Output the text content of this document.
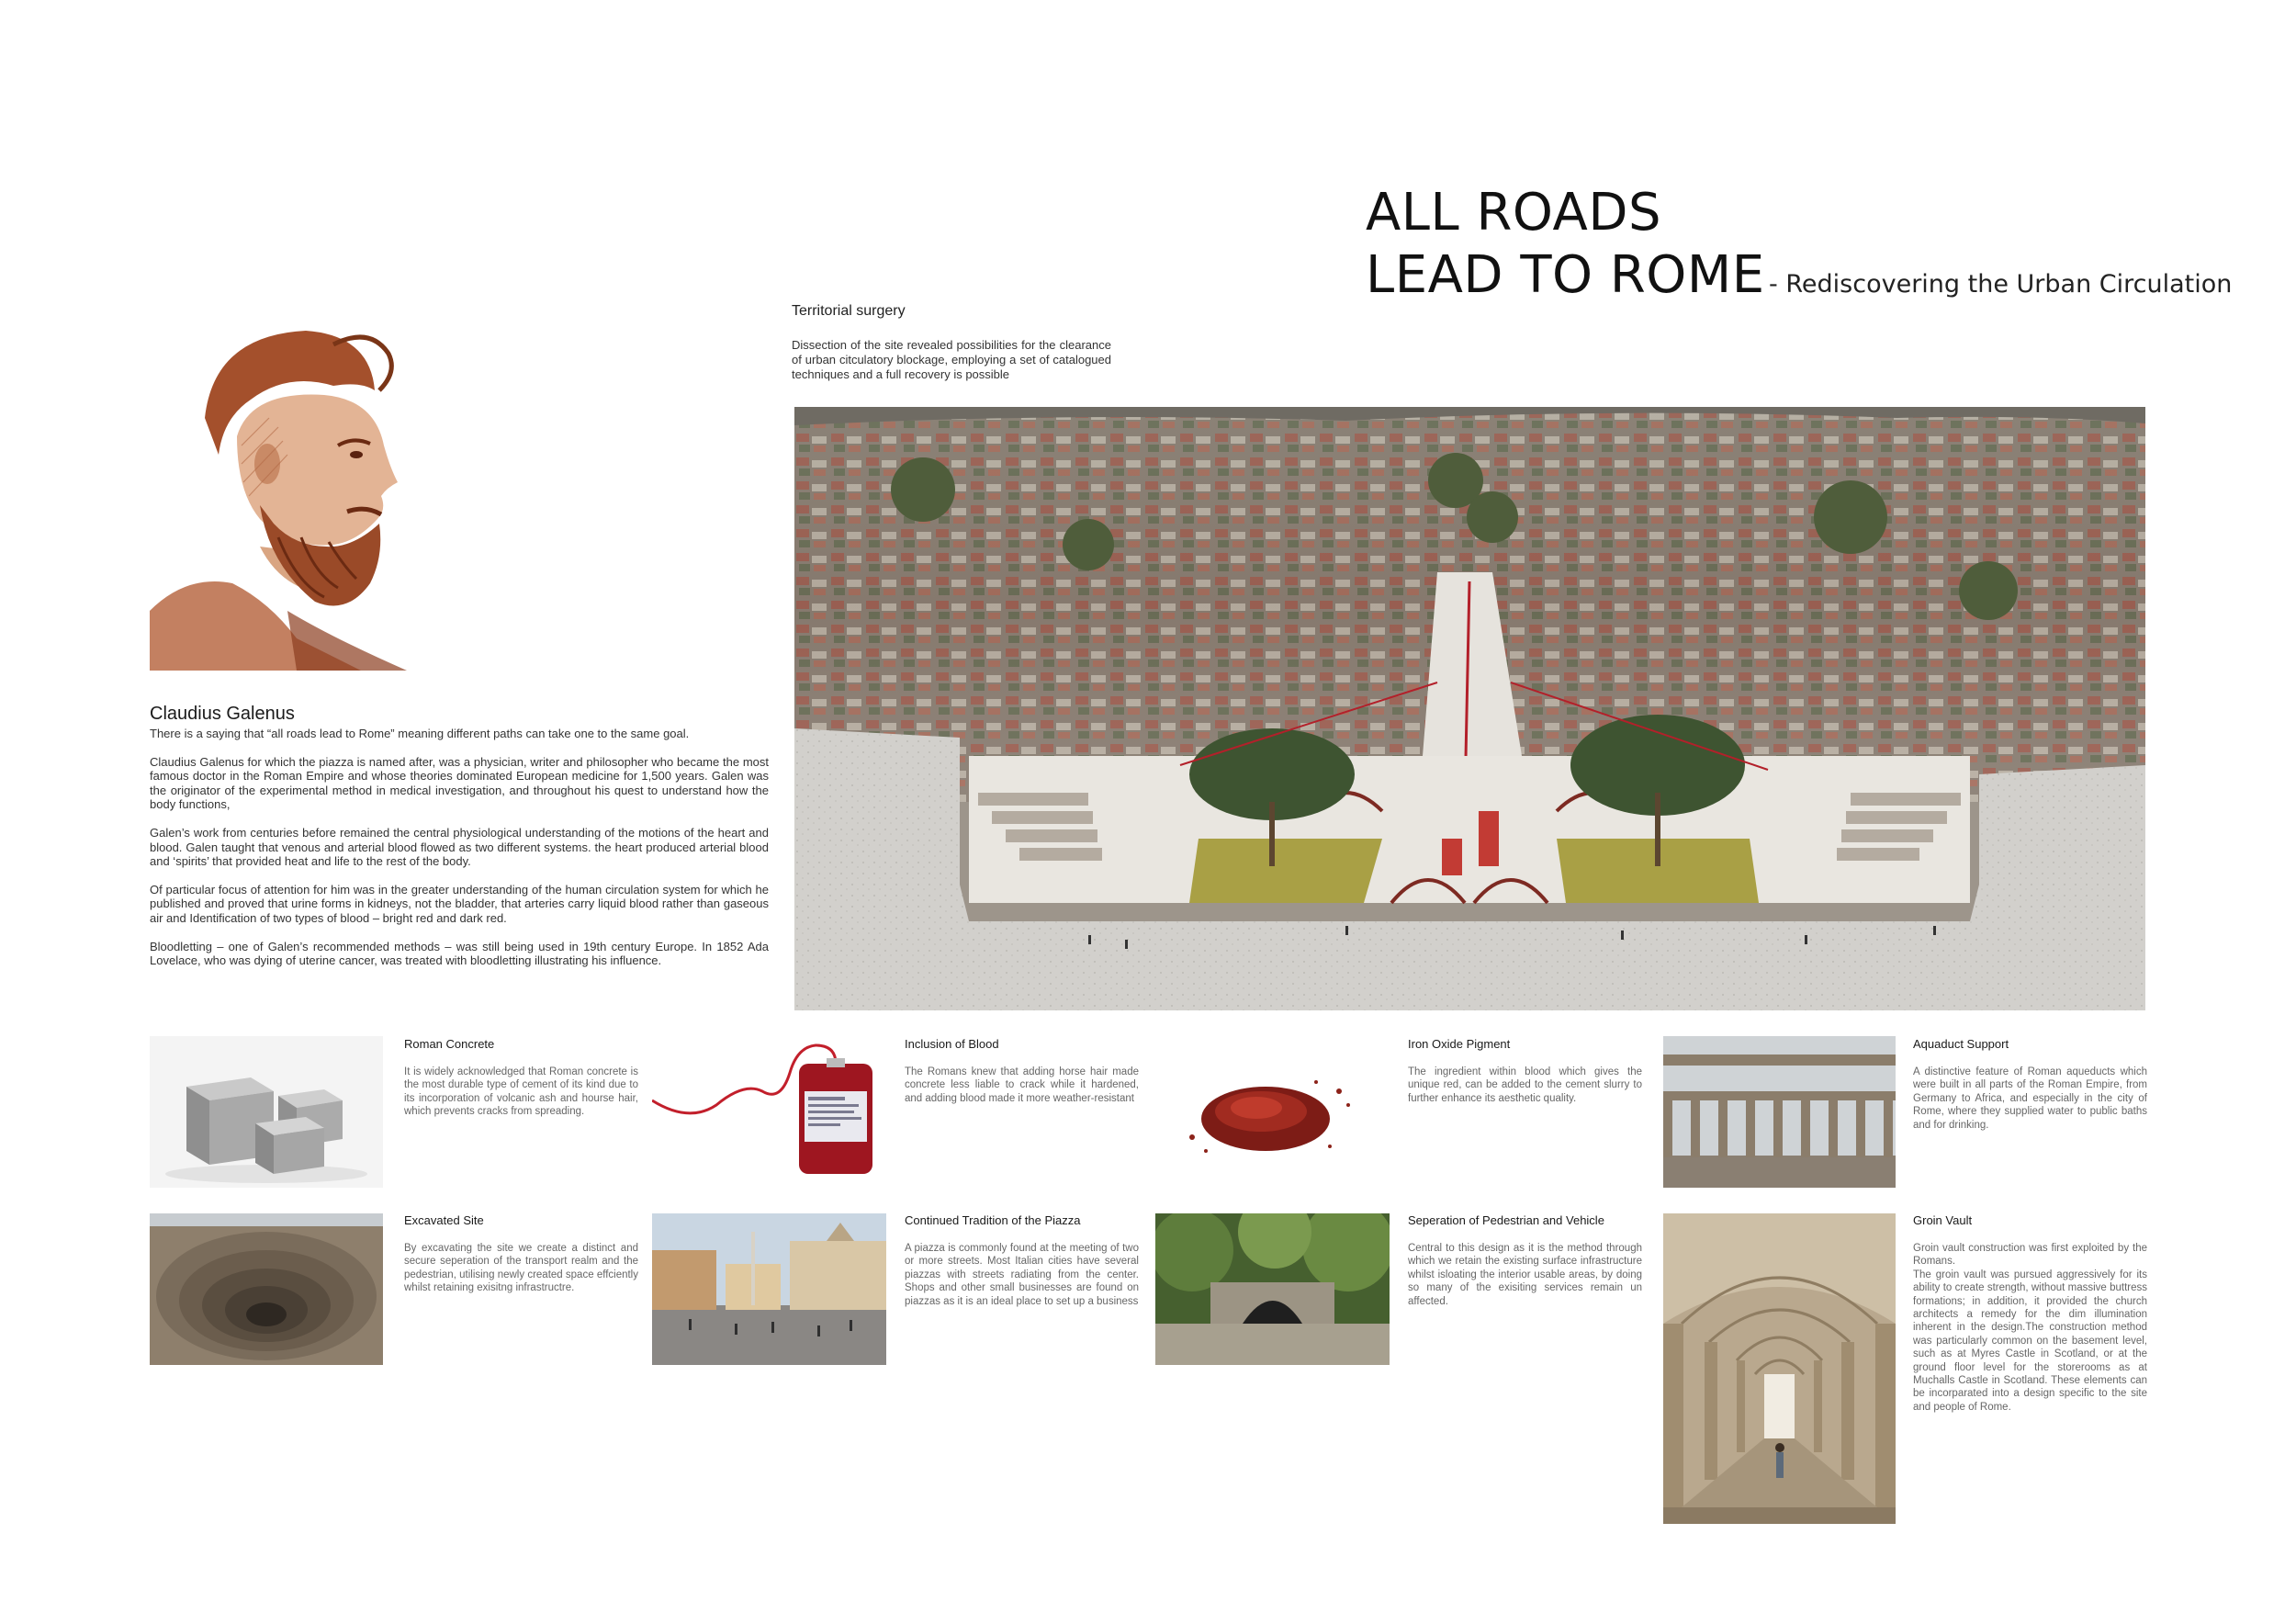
ALL ROADS
LEAD TO ROME - Rediscovering the Urban Circulation
Territorial surgery
Dissection of the site revealed possibilities for the clearance of urban citculatory blockage, employing a set of catalogued techniques and a full recovery is possible
Claudius Galenus

There is a saying that “all roads lead to Rome” meaning different paths can take one to the same goal.

Claudius Galenus for which the piazza is named after, was a physician, writer and philosopher who became the most famous doctor in the Roman Empire and whose theories dominated European medicine for 1,500 years. Galen was the originator of the experimental method in medical investigation, and throughout his quest to understand how the body functions,

Galen’s work from centuries before remained the central physiological understanding of the motions of the heart and blood. Galen taught that venous and arterial blood flowed as two different systems. the heart produced arterial blood and ‘spirits’ that provided heat and life to the rest of the body.

Of particular focus of attention for him was in the greater understanding of the human circulation system for which he published and proved that urine forms in kidneys, not the bladder, that arteries carry liquid blood rather than gaseous air and Identification of two types of blood – bright red and dark red.

Bloodletting – one of Galen’s recommended methods – was still being used in 19th century Europe. In 1852 Ada Lovelace, who was dying of uterine cancer, was treated with bloodletting illustrating his influence.

Roman Concrete
It is widely acknowledged that Roman concrete is the most durable type of cement of its kind due to its incorporation of volcanic ash and hourse hair, which prevents cracks from spreading.
Inclusion of Blood
The Romans knew that adding horse hair made concrete less liable to crack while it hardened, and adding blood made it more weather-resistant
Iron Oxide Pigment
The ingredient within blood which gives the unique red, can be added to the cement slurry to further enhance its aesthetic quality.
Aquaduct Support
A distinctive feature of Roman aqueducts which were built in all parts of the Roman Empire, from Germany to Africa, and especially in the city of Rome, where they supplied water to public baths and for drinking.
Excavated Site
By excavating the site we create a distinct and secure seperation of the transport realm and the pedestrian, utilising newly created space effciently whilst retaining exisitng infrastructre.
Continued Tradition of the Piazza
A piazza is commonly found at the meeting of two or more streets. Most Italian cities have several piazzas with streets radiating from the center. Shops and other small businesses are found on piazzas as it is an ideal place to set up a business
Seperation of Pedestrian and Vehicle
Central to this design as it is the method through which we retain the existing surface infrastructure whilst isloating the interior usable areas, by doing so many of the exisiting services remain un affected.
Groin Vault
Groin vault construction was first exploited by the Romans.
The groin vault was pursued aggressively for its ability to create strength, without massive buttress formations; in addition, it provided the church architects a remedy for the dim illumination inherent in the design.The construction method was particularly common on the basement level, such as at Myres Castle in Scotland, or at the ground floor level for the storerooms as at Muchalls Castle in Scotland. These elements can be incorparated into a design specific to the site and people of Rome.
